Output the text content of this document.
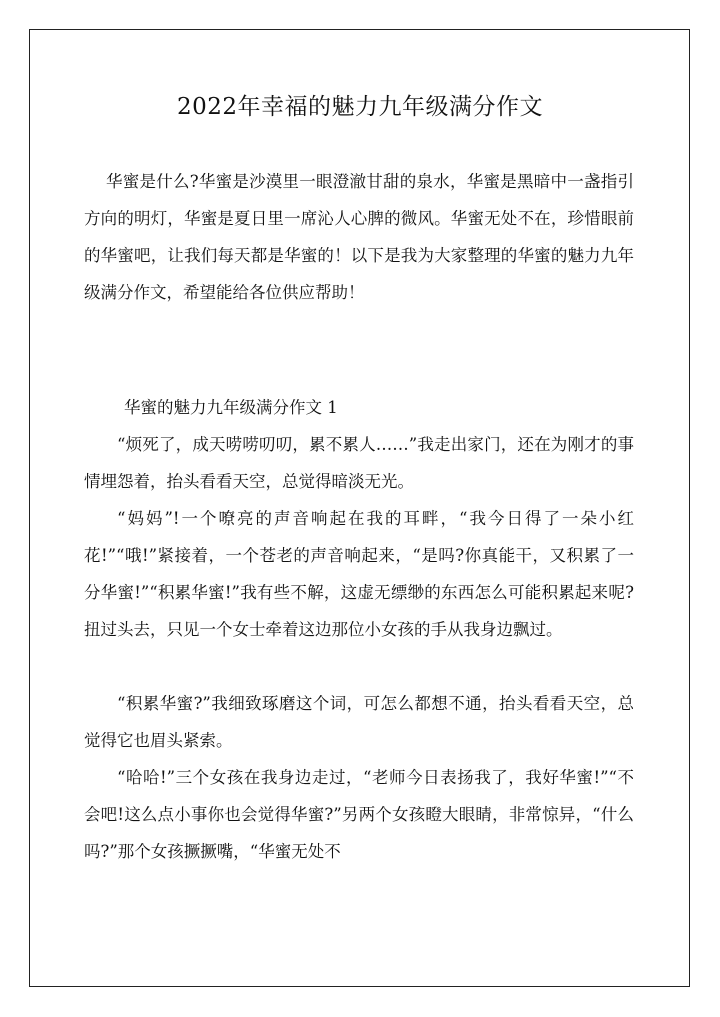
2022年幸福的魅力九年级满分作文

华蜜是什么?华蜜是沙漠里一眼澄澈甘甜的泉水，华蜜是黑暗中一盏指引方向的明灯，华蜜是夏日里一席沁人心脾的微风。华蜜无处不在，珍惜眼前的华蜜吧，让我们每天都是华蜜的！以下是我为大家整理的华蜜的魅力九年级满分作文，希望能给各位供应帮助！

华蜜的魅力九年级满分作文 1

“烦死了，成天唠唠叨叨，累不累人……”我走出家门，还在为刚才的事情埋怨着，抬头看看天空，总觉得暗淡无光。

“妈妈”!一个嘹亮的声音响起在我的耳畔，“我今日得了一朵小红花!”“哦!”紧接着，一个苍老的声音响起来，“是吗?你真能干，又积累了一分华蜜!”“积累华蜜!”我有些不解，这虚无缥缈的东西怎么可能积累起来呢?扭过头去，只见一个女士牵着这边那位小女孩的手从我身边飘过。

“积累华蜜?”我细致琢磨这个词，可怎么都想不通，抬头看看天空，总觉得它也眉头紧索。

“哈哈!”三个女孩在我身边走过，“老师今日表扬我了，我好华蜜!”“不会吧!这么点小事你也会觉得华蜜?”另两个女孩瞪大眼睛，非常惊异，“什么吗?”那个女孩撅撅嘴，“华蜜无处不
